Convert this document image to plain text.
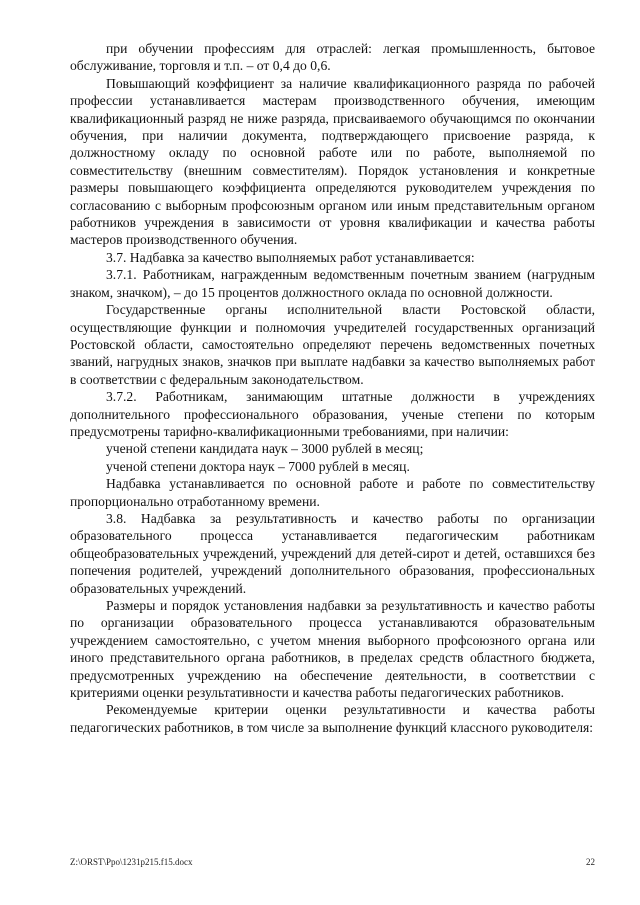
при обучении профессиям для отраслей: легкая промышленность, бытовое обслуживание, торговля и т.п. – от 0,4 до 0,6.

Повышающий коэффициент за наличие квалификационного разряда по рабочей профессии устанавливается мастерам производственного обучения, имеющим квалификационный разряд не ниже разряда, присваиваемого обучающимся по окончании обучения, при наличии документа, подтверждающего присвоение разряда, к должностному окладу по основной работе или по работе, выполняемой по совместительству (внешним совместителям). Порядок установления и конкретные размеры повышающего коэффициента определяются руководителем учреждения по согласованию с выборным профсоюзным органом или иным представительным органом работников учреждения в зависимости от уровня квалификации и качества работы мастеров производственного обучения.

3.7. Надбавка за качество выполняемых работ устанавливается:

3.7.1. Работникам, награжденным ведомственным почетным званием (нагрудным знаком, значком), – до 15 процентов должностного оклада по основной должности.

Государственные органы исполнительной власти Ростовской области, осуществляющие функции и полномочия учредителей государственных организаций Ростовской области, самостоятельно определяют перечень ведомственных почетных званий, нагрудных знаков, значков при выплате надбавки за качество выполняемых работ в соответствии с федеральным законодательством.

3.7.2. Работникам, занимающим штатные должности в учреждениях дополнительного профессионального образования, ученые степени по которым предусмотрены тарифно-квалификационными требованиями, при наличии:

ученой степени кандидата наук – 3000 рублей в месяц;

ученой степени доктора наук – 7000 рублей в месяц.

Надбавка устанавливается по основной работе и работе по совместительству пропорционально отработанному времени.

3.8. Надбавка за результативность и качество работы по организации образовательного процесса устанавливается педагогическим работникам общеобразовательных учреждений, учреждений для детей-сирот и детей, оставшихся без попечения родителей, учреждений дополнительного образования, профессиональных образовательных учреждений.

Размеры и порядок установления надбавки за результативность и качество работы по организации образовательного процесса устанавливаются образовательным учреждением самостоятельно, с учетом мнения выборного профсоюзного органа или иного представительного органа работников, в пределах средств областного бюджета, предусмотренных учреждению на обеспечение деятельности, в соответствии с критериями оценки результативности и качества работы педагогических работников.

Рекомендуемые критерии оценки результативности и качества работы педагогических работников, в том числе за выполнение функций классного руководителя:

Z:\ORST\Ppo\1231p215.f15.docx	22
